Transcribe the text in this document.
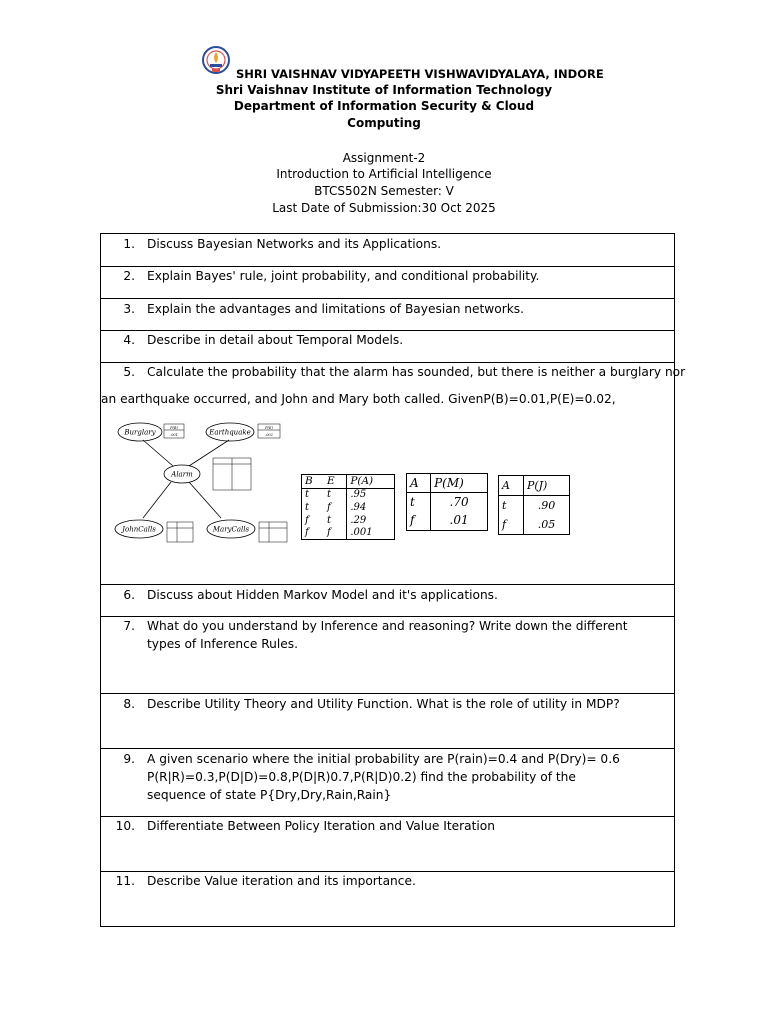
SHRI VAISHNAV VIDYAPEETH VISHWAVIDYALAYA, INDORE
Shri Vaishnav Institute of Information Technology
Department of Information Security & Cloud
Computing
Assignment-2
Introduction to Artificial Intelligence
BTCS502N Semester: V
Last Date of Submission:30 Oct 2025
1. Discuss Bayesian Networks and its Applications.
2. Explain Bayes' rule, joint probability, and conditional probability.
3. Explain the advantages and limitations of Bayesian networks.
4. Describe in detail about Temporal Models.
5. Calculate the probability that the alarm has sounded, but there is neither a burglary nor
an earthquake occurred, and John and Mary both called. GivenP(B)=0.01,P(E)=0.02,
Burglary	Earthquake
Alarm
JohnCalls	MaryCalls
P(B)
.001
P(E)
.002
B	E	P(A)
t	t	.95
t	f	.94
f	t	.29
f	f	.001
A	P(M)
t	.70
f	.01
A	P(J)
t	.90
f	.05
6. Discuss about Hidden Markov Model and it's applications.
7. What do you understand by Inference and reasoning? Write down the different types of Inference Rules.
8. Describe Utility Theory and Utility Function. What is the role of utility in MDP?
9. A given scenario where the initial probability are P(rain)=0.4 and P(Dry)= 0.6 P(R|R)=0.3,P(D|D)=0.8,P(D|R)0.7,P(R|D)0.2) find the probability of the sequence of state P{Dry,Dry,Rain,Rain}
10. Differentiate Between Policy Iteration and Value Iteration
11. Describe Value iteration and its importance.
